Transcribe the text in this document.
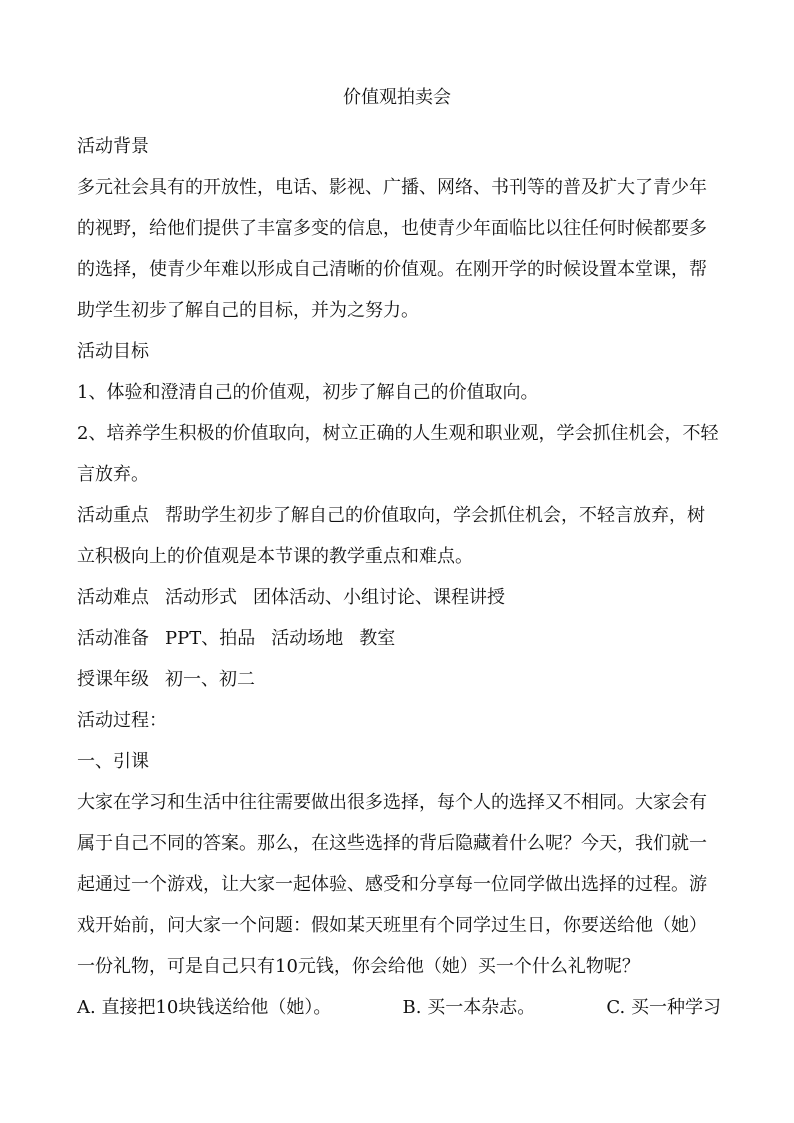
价值观拍卖会

活动背景

多元社会具有的开放性，电话、影视、广播、网络、书刊等的普及扩大了青少年的视野，给他们提供了丰富多变的信息，也使青少年面临比以往任何时候都要多的选择，使青少年难以形成自己清晰的价值观。在刚开学的时候设置本堂课，帮助学生初步了解自己的目标，并为之努力。

活动目标

1、体验和澄清自己的价值观，初步了解自己的价值取向。

2、培养学生积极的价值取向，树立正确的人生观和职业观，学会抓住机会，不轻言放弃。

活动重点 帮助学生初步了解自己的价值取向，学会抓住机会，不轻言放弃，树立积极向上的价值观是本节课的教学重点和难点。

活动难点 活动形式 团体活动、小组讨论、课程讲授

活动准备 PPT、拍品 活动场地 教室

授课年级 初一、初二

活动过程：

一、引课

大家在学习和生活中往往需要做出很多选择，每个人的选择又不相同。大家会有属于自己不同的答案。那么，在这些选择的背后隐藏着什么呢？今天，我们就一起通过一个游戏，让大家一起体验、感受和分享每一位同学做出选择的过程。游戏开始前，问大家一个问题：假如某天班里有个同学过生日，你要送给他（她）一份礼物，可是自己只有10元钱，你会给他（她）买一个什么礼物呢？

A. 直接把10块钱送给他（她）。	B. 买一本杂志。	C. 买一种学习
